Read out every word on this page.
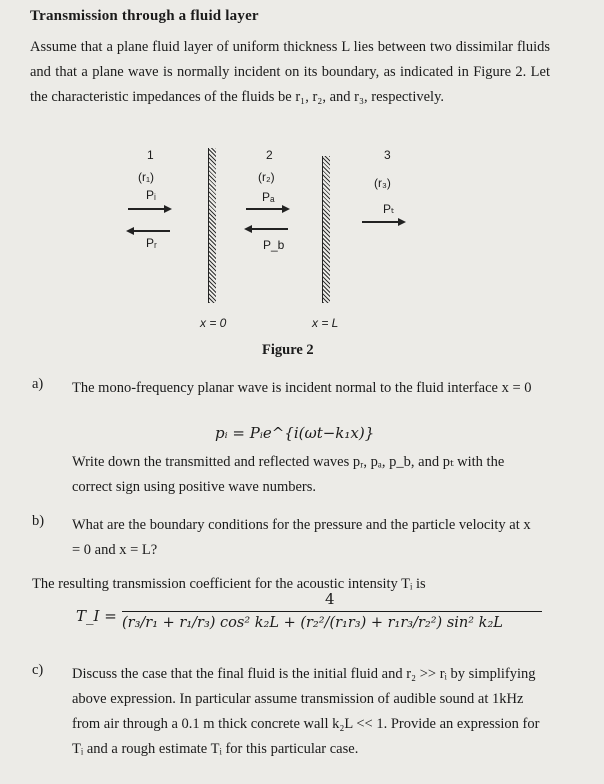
Transmission through a fluid layer
Assume that a plane fluid layer of uniform thickness L lies between two dissimilar fluids and that a plane wave is normally incident on its boundary, as indicated in Figure 2. Let the characteristic impedances of the fluids be r₁, r₂, and r₃, respectively.
1	2	3
(r₁)	(r₂)	(r₃)
Pᵢ
Pᵣ
Pₐ
P_b
Pₜ
x = 0	x = L
Figure 2
a) The mono-frequency planar wave is incident normal to the fluid interface x = 0
pᵢ = Pᵢe^{i(ωt−k₁x)}
Write down the transmitted and reflected waves pᵣ, pₐ, p_b, and pₜ with the correct sign using positive wave numbers.
b) What are the boundary conditions for the pressure and the particle velocity at x = 0 and x = L?
The resulting transmission coefficient for the acoustic intensity Tᵢ is
T_I =
4
(r₃/r₁ + r₁/r₃) cos² k₂L + (r₂²/(r₁r₃) + r₁r₃/r₂²) sin² k₂L
c) Discuss the case that the final fluid is the initial fluid and r₂ >> rᵢ by simplifying above expression. In particular assume transmission of audible sound at 1kHz from air through a 0.1 m thick concrete wall k₂L << 1. Provide an expression for Tᵢ and a rough estimate Tᵢ for this particular case.
